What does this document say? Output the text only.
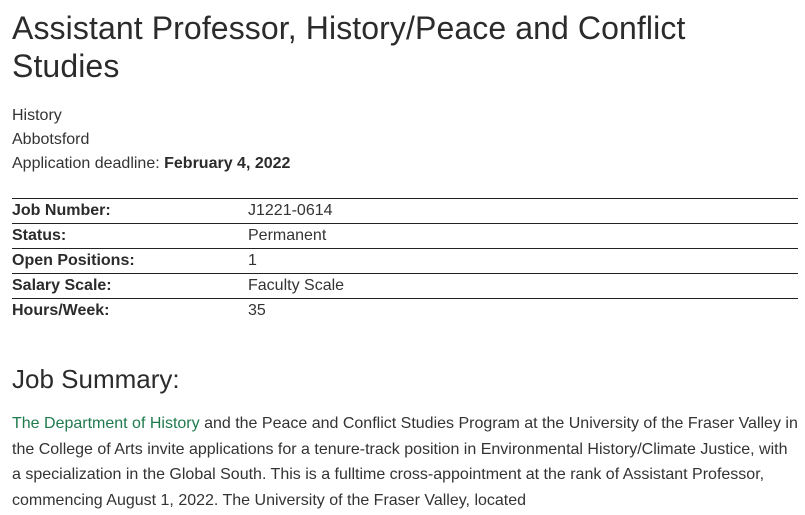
Assistant Professor, History/Peace and Conflict Studies
History
Abbotsford
Application deadline: February 4, 2022
Job Number:	J1221-0614
Status:	Permanent
Open Positions:	1
Salary Scale:	Faculty Scale
Hours/Week:	35
Job Summary:

The Department of History and the Peace and Conflict Studies Program at the University of the Fraser Valley in the College of Arts invite applications for a tenure-track position in Environmental History/Climate Justice, with a specialization in the Global South. This is a fulltime cross-appointment at the rank of Assistant Professor, commencing August 1, 2022. The University of the Fraser Valley, located
